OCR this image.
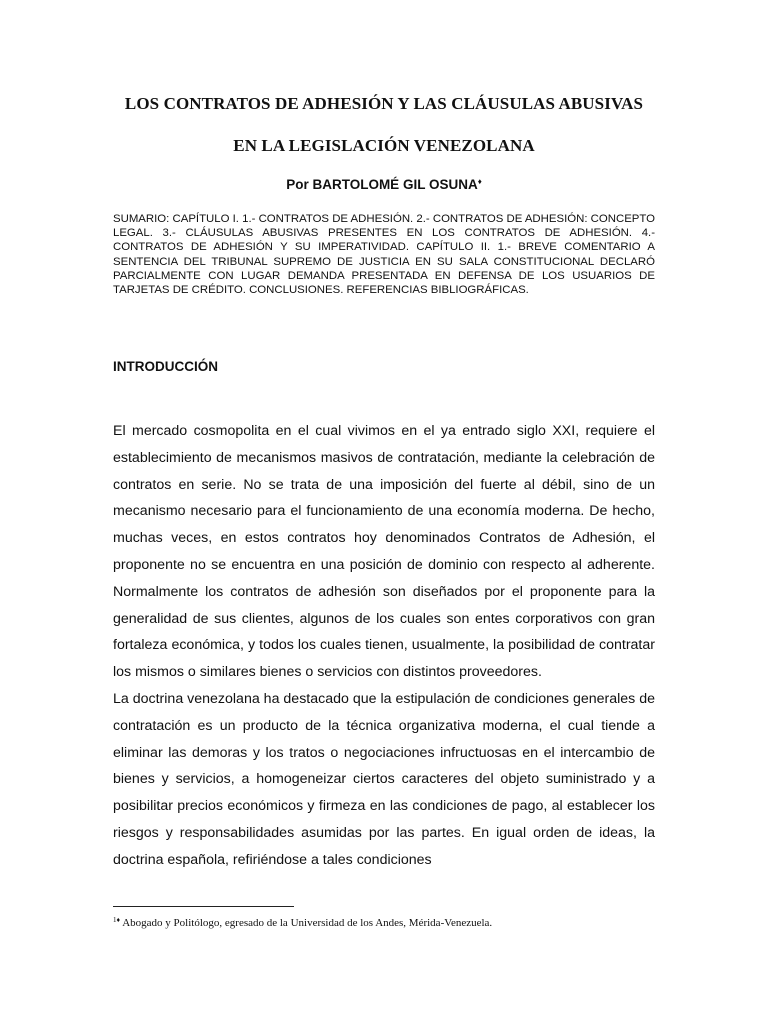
LOS CONTRATOS DE ADHESIÓN Y LAS CLÁUSULAS ABUSIVAS
EN LA LEGISLACIÓN VENEZOLANA
Por BARTOLOMÉ GIL OSUNA♦

SUMARIO: CAPÍTULO I. 1.- CONTRATOS DE ADHESIÓN. 2.- CONTRATOS DE ADHESIÓN: CONCEPTO LEGAL. 3.- CLÁUSULAS ABUSIVAS PRESENTES EN LOS CONTRATOS DE ADHESIÓN. 4.- CONTRATOS DE ADHESIÓN Y SU IMPERATIVIDAD. CAPÍTULO II. 1.- BREVE COMENTARIO A SENTENCIA DEL TRIBUNAL SUPREMO DE JUSTICIA EN SU SALA CONSTITUCIONAL DECLARÓ PARCIALMENTE CON LUGAR DEMANDA PRESENTADA EN DEFENSA DE LOS USUARIOS DE TARJETAS DE CRÉDITO. CONCLUSIONES. REFERENCIAS BIBLIOGRÁFICAS.

INTRODUCCIÓN

El mercado cosmopolita en el cual vivimos en el ya entrado siglo XXI, requiere el establecimiento de mecanismos masivos de contratación, mediante la celebración de contratos en serie. No se trata de una imposición del fuerte al débil, sino de un mecanismo necesario para el funcionamiento de una economía moderna. De hecho, muchas veces, en estos contratos hoy denominados Contratos de Adhesión, el proponente no se encuentra en una posición de dominio con respecto al adherente. Normalmente los contratos de adhesión son diseñados por el proponente para la generalidad de sus clientes, algunos de los cuales son entes corporativos con gran fortaleza económica, y todos los cuales tienen, usualmente, la posibilidad de contratar los mismos o similares bienes o servicios con distintos proveedores.

La doctrina venezolana ha destacado que la estipulación de condiciones generales de contratación es un producto de la técnica organizativa moderna, el cual tiende a eliminar las demoras y los tratos o negociaciones infructuosas en el intercambio de bienes y servicios, a homogeneizar ciertos caracteres del objeto suministrado y a posibilitar precios económicos y firmeza en las condiciones de pago, al establecer los riesgos y responsabilidades asumidas por las partes. En igual orden de ideas, la doctrina española, refiriéndose a tales condiciones

$^{1♦}$ Abogado y Politólogo, egresado de la Universidad de los Andes, Mérida-Venezuela.
